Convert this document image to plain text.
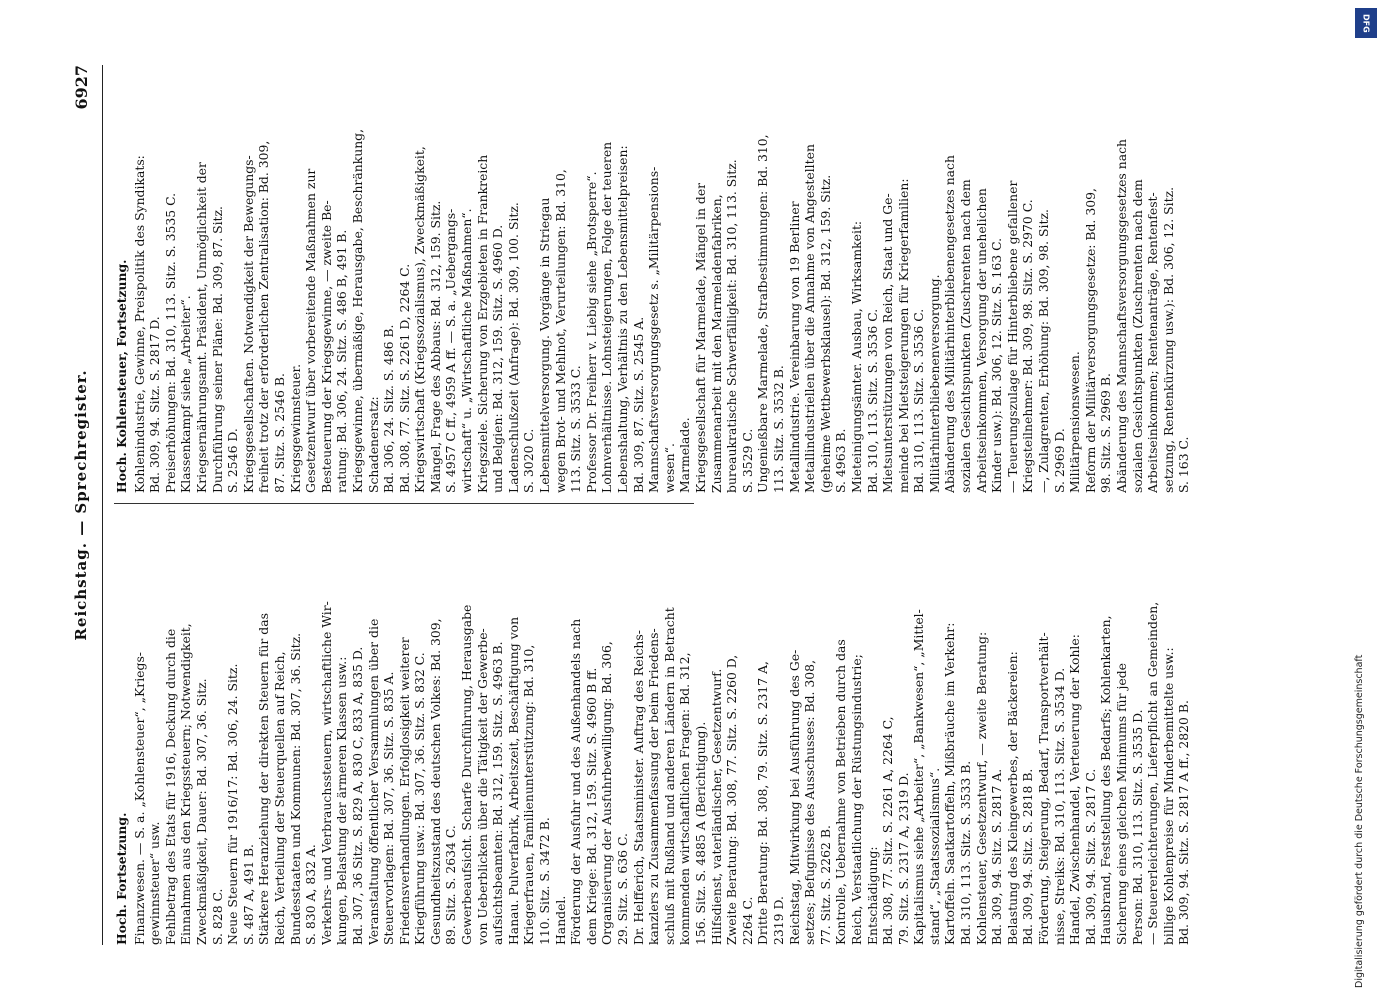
Reichstag. — Sprechregister.
6927
Hoch. Fortsetzung. Finanzwesen. — S. a. „Kohlensteuer“, „Kriegs- gewinnsteuer“ usw. Fehlbetrag des Etats für 1916, Deckung durch die Einnahmen aus den Kriegssteuern; Notwendigkeit, Zweckmäßigkeit, Dauer: Bd. 307, 36. Sitz. S. 828 C. Neue Steuern für 1916/17: Bd. 306, 24. Sitz. S. 487 A, 491 B. Stärkere Heranziehung der direkten Steuern für das Reich, Verteilung der Steuerquellen auf Reich, Bundesstaaten und Kommunen: Bd. 307, 36. Sitz. S. 830 A, 832 A. Verkehrs- und Verbrauchssteuern, wirtschaftliche Wir- kungen, Belastung der ärmeren Klassen usw.: Bd. 307, 36 Sitz. S. 829 A, 830 C, 833 A, 835 D. Veranstaltung öffentlicher Versammlungen über die Steuervorlagen: Bd. 307, 36. Sitz. S. 835 A. Friedensverhandlungen. Erfolglosigkeit weiterer Kriegführung usw.: Bd. 307, 36. Sitz. S. 832 C. Gesundheitszustand des deutschen Volkes: Bd. 309, 89. Sitz. S. 2634 C. Gewerbeaufsicht. Scharfe Durchführung, Herausgabe von Ueberblicken über die Tätigkeit der Gewerbe- aufsichtsbeamten: Bd. 312, 159. Sitz. S. 4963 B. Hanau. Pulverfabrik, Arbeitszeit, Beschäftigung von Kriegerfrauen, Familienunterstützung: Bd. 310, 110. Sitz. S. 3472 B. Handel. Förderung der Ausfuhr und des Außenhandels nach dem Kriege: Bd. 312, 159. Sitz. S. 4960 B ff. Organisierung der Ausfuhrbewilligung: Bd. 306, 29. Sitz. S. 636 C. Dr. Helfferich, Staatsminister. Auftrag des Reichs- kanzlers zu Zusammenfassung der beim Friedens- schluß mit Rußland und anderen Ländern in Betracht kommenden wirtschaftlichen Fragen: Bd. 312, 156. Sitz. S. 4885 A (Berichtigung). Hilfsdienst, vaterländischer, Gesetzentwurf. Zweite Beratung: Bd. 308, 77. Sitz. S. 2260 D, 2264 C. Dritte Beratung: Bd. 308, 79. Sitz. S. 2317 A, 2319 D. Reichstag, Mitwirkung bei Ausführung des Ge- setzes; Befugnisse des Ausschusses: Bd. 308, 77. Sitz. S. 2262 B. Kontrolle, Uebernahme von Betrieben durch das Reich, Verstaatlichung der Rüstungsindustrie; Entschädigung: Bd. 308, 77. Sitz. S. 2261 A, 2264 C, 79. Sitz. S. 2317 A, 2319 D. Kapitalismus siehe „Arbeiter“, „Bankwesen“, „Mittel- stand“, „Staatssozialismus“. Kartoffeln. Saatkartoffeln, Mißbräuche im Verkehr: Bd. 310, 113. Sitz. S. 3533 B. Kohlensteuer, Gesetzentwurf, — zweite Beratung: Bd. 309, 94. Sitz. S. 2817 A. Belastung des Kleingewerbes, der Bäckereien: Bd. 309, 94. Sitz. S. 2818 B. Förderung, Steigerung, Bedarf, Transportverhält- nisse, Streiks: Bd. 310, 113. Sitz. S. 3534 D. Handel, Zwischenhandel, Verteuerung der Kohle: Bd. 309, 94. Sitz. S. 2817 C. Hausbrand, Feststellung des Bedarfs; Kohlenkarten, Sicherung eines gleichen Minimums für jede Person: Bd. 310, 113. Sitz. S. 3535 D. — Steuererleichterungen, Lieferpflicht an Gemeinden, billige Kohlenpreise für Minderbemittelte usw.: Bd. 309, 94. Sitz. S. 2817 A ff., 2820 B.
Hoch. Kohlensteuer, Fortsetzung. Kohlenindustrie, Gewinne, Preispolitik des Syndikats: Bd. 309, 94. Sitz. S. 2817 D. Preiserhöhungen: Bd. 310, 113. Sitz. S. 3535 C. Klassenkampf siehe „Arbeiter“. Kriegsernährungsamt. Präsident, Unmöglichkeit der Durchführung seiner Pläne: Bd. 309, 87. Sitz. S. 2546 D. Kriegsgesellschaften. Notwendigkeit der Bewegungs- freiheit trotz der erforderlichen Zentralisation: Bd. 309, 87. Sitz. S. 2546 B. Kriegsgewinnsteuer. Gesetzentwurf über vorbereitende Maßnahmen zur Besteuerung der Kriegsgewinne, — zweite Be- ratung: Bd. 306, 24. Sitz. S. 486 B, 491 B. Kriegsgewinne, übermäßige, Herausgabe, Beschränkung, Schadenersatz: Bd. 306, 24. Sitz. S. 486 B. Bd. 308, 77. Sitz. S. 2261 D, 2264 C. Kriegswirtschaft (Kriegssozialismus), Zweckmäßigkeit, Mängel, Frage des Abbaus: Bd. 312, 159. Sitz. S. 4957 C ff., 4959 A ff. — S. a. „Uebergangs- wirtschaft“ u. „Wirtschaftliche Maßnahmen“. Kriegsziele. Sicherung von Erzgebieten in Frankreich und Belgien: Bd. 312, 159. Sitz. S. 4960 D. Ladenschlußzeit (Anfrage): Bd. 309, 100. Sitz. S. 3020 C. Lebensmittelversorgung. Vorgänge in Striegau wegen Brot- und Mehlnot, Verurteilungen: Bd. 310, 113. Sitz. S. 3533 C. Professor Dr. Freiherr v. Liebig siehe „Brotsperre“. Lohnverhältnisse. Lohnsteigerungen, Folge der teueren Lebenshaltung, Verhältnis zu den Lebensmittelpreisen: Bd. 309, 87. Sitz. S. 2545 A. Mannschaftsversorgungsgesetz s. „Militärpensions- wesen“. Marmelade. Kriegsgesellschaft für Marmelade, Mängel in der Zusammenarbeit mit den Marmeladenfabriken, bureaukratische Schwerfälligkeit: Bd. 310, 113. Sitz. S. 3529 C. Ungenießbare Marmelade, Strafbestimmungen: Bd. 310, 113. Sitz. S. 3532 B. Metallindustrie. Vereinbarung von 19 Berliner Metallindustriellen über die Annahme von Angestellten (geheime Wettbewerbsklausel): Bd. 312, 159. Sitz. S. 4963 B. Mieteinigungsämter. Ausbau, Wirksamkeit: Bd. 310, 113. Sitz. S. 3536 C. Mietsunterstützungen von Reich, Staat und Ge- meinde bei Mietsteigerungen für Kriegerfamilien: Bd. 310, 113. Sitz. S. 3536 C. Militärhinterbliebenenversorgung. Abänderung des Militärhinterbliebenengesetzes nach sozialen Gesichtspunkten (Zuschrenten nach dem Arbeitseinkommen, Versorgung der unehelichen Kinder usw.): Bd. 306, 12. Sitz. S. 163 C. — Teuerungszulage für Hinterbliebene gefallener Kriegsteilnehmer: Bd. 309, 98. Sitz. S. 2970 C. —, Zulagrenten, Erhöhung: Bd. 309, 98. Sitz. S. 2969 D. Militärpensionswesen. Reform der Militärversorgungsgesetze: Bd. 309, 98. Sitz. S. 2969 B. Abänderung des Mannschaftsversorgungsgesetzes nach sozialen Gesichtspunkten (Zuschrenten nach dem Arbeitseinkommen; Rentenanträge, Rentenfest- setzung, Rentenkürzung usw.): Bd. 306, 12. Sitz. S. 163 C.
DFG
Digitalisierung gefördert durch die Deutsche Forschungsgemeinschaft
